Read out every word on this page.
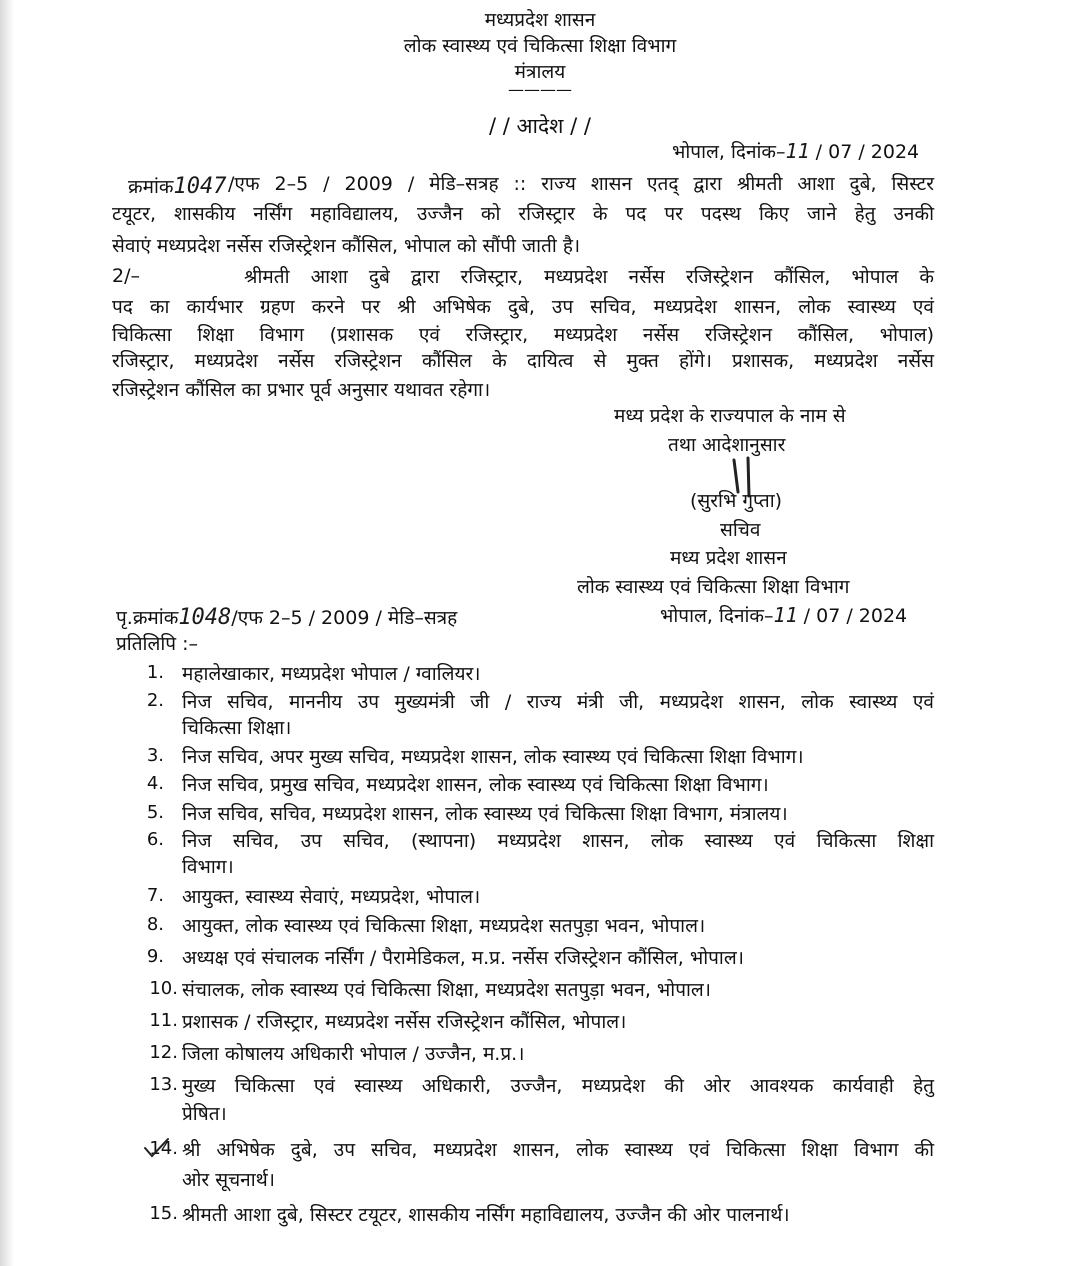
मध्यप्रदेश शासन
लोक स्वास्थ्य एवं चिकित्सा शिक्षा विभाग
मंत्रालय
————
/ / आदेश / /
भोपाल, दिनांक–11 / 07 / 2024
क्रमांक1047 /एफ 2–5 / 2009 / मेडि–सत्रह :: राज्य शासन एतद् द्वारा श्रीमती आशा दुबे, सिस्टर
टयूटर, शासकीय नर्सिंग महाविद्यालय, उज्जैन को रजिस्ट्रार के पद पर पदस्थ किए जाने हेतु उनकी
सेवाएं मध्यप्रदेश नर्सेस रजिस्ट्रेशन कौंसिल, भोपाल को सौंपी जाती है।
2/–	श्रीमती आशा दुबे द्वारा रजिस्ट्रार, मध्यप्रदेश नर्सेस रजिस्ट्रेशन कौंसिल, भोपाल के
पद का कार्यभार ग्रहण करने पर श्री अभिषेक दुबे, उप सचिव, मध्यप्रदेश शासन, लोक स्वास्थ्य एवं
चिकित्सा शिक्षा विभाग (प्रशासक एवं रजिस्ट्रार, मध्यप्रदेश नर्सेस रजिस्ट्रेशन कौंसिल, भोपाल)
रजिस्ट्रार, मध्यप्रदेश नर्सेस रजिस्ट्रेशन कौंसिल के दायित्व से मुक्त होंगे। प्रशासक, मध्यप्रदेश नर्सेस
रजिस्ट्रेशन कौंसिल का प्रभार पूर्व अनुसार यथावत रहेगा।
मध्य प्रदेश के राज्यपाल के नाम से
तथा आदेशानुसार
(सुरभि गुप्ता)
सचिव
मध्य प्रदेश शासन
लोक स्वास्थ्य एवं चिकित्सा शिक्षा विभाग
पृ.क्रमांक1048/एफ 2–5 / 2009 / मेडि–सत्रह	भोपाल, दिनांक–11 / 07 / 2024
प्रतिलिपि :–
1. महालेखाकार, मध्यप्रदेश भोपाल / ग्वालियर।
2. निज सचिव, माननीय उप मुख्यमंत्री जी / राज्य मंत्री जी, मध्यप्रदेश शासन, लोक स्वास्थ्य एवं
चिकित्सा शिक्षा।
3. निज सचिव, अपर मुख्य सचिव, मध्यप्रदेश शासन, लोक स्वास्थ्य एवं चिकित्सा शिक्षा विभाग।
4. निज सचिव, प्रमुख सचिव, मध्यप्रदेश शासन, लोक स्वास्थ्य एवं चिकित्सा शिक्षा विभाग।
5. निज सचिव, सचिव, मध्यप्रदेश शासन, लोक स्वास्थ्य एवं चिकित्सा शिक्षा विभाग, मंत्रालय।
6. निज सचिव, उप सचिव, (स्थापना) मध्यप्रदेश शासन, लोक स्वास्थ्य एवं चिकित्सा शिक्षा
विभाग।
7. आयुक्त, स्वास्थ्य सेवाएं, मध्यप्रदेश, भोपाल।
8. आयुक्त, लोक स्वास्थ्य एवं चिकित्सा शिक्षा, मध्यप्रदेश सतपुड़ा भवन, भोपाल।
9. अध्यक्ष एवं संचालक नर्सिंग / पैरामेडिकल, म.प्र. नर्सेस रजिस्ट्रेशन कौंसिल, भोपाल।
10. संचालक, लोक स्वास्थ्य एवं चिकित्सा शिक्षा, मध्यप्रदेश सतपुड़ा भवन, भोपाल।
11. प्रशासक / रजिस्ट्रार, मध्यप्रदेश नर्सेस रजिस्ट्रेशन कौंसिल, भोपाल।
12. जिला कोषालय अधिकारी भोपाल / उज्जैन, म.प्र.।
13. मुख्य चिकित्सा एवं स्वास्थ्य अधिकारी, उज्जैन, मध्यप्रदेश की ओर आवश्यक कार्यवाही हेतु
प्रेषित।
14. श्री अभिषेक दुबे, उप सचिव, मध्यप्रदेश शासन, लोक स्वास्थ्य एवं चिकित्सा शिक्षा विभाग की
ओर सूचनार्थ।
15. श्रीमती आशा दुबे, सिस्टर टयूटर, शासकीय नर्सिंग महाविद्यालय, उज्जैन की ओर पालनार्थ।
